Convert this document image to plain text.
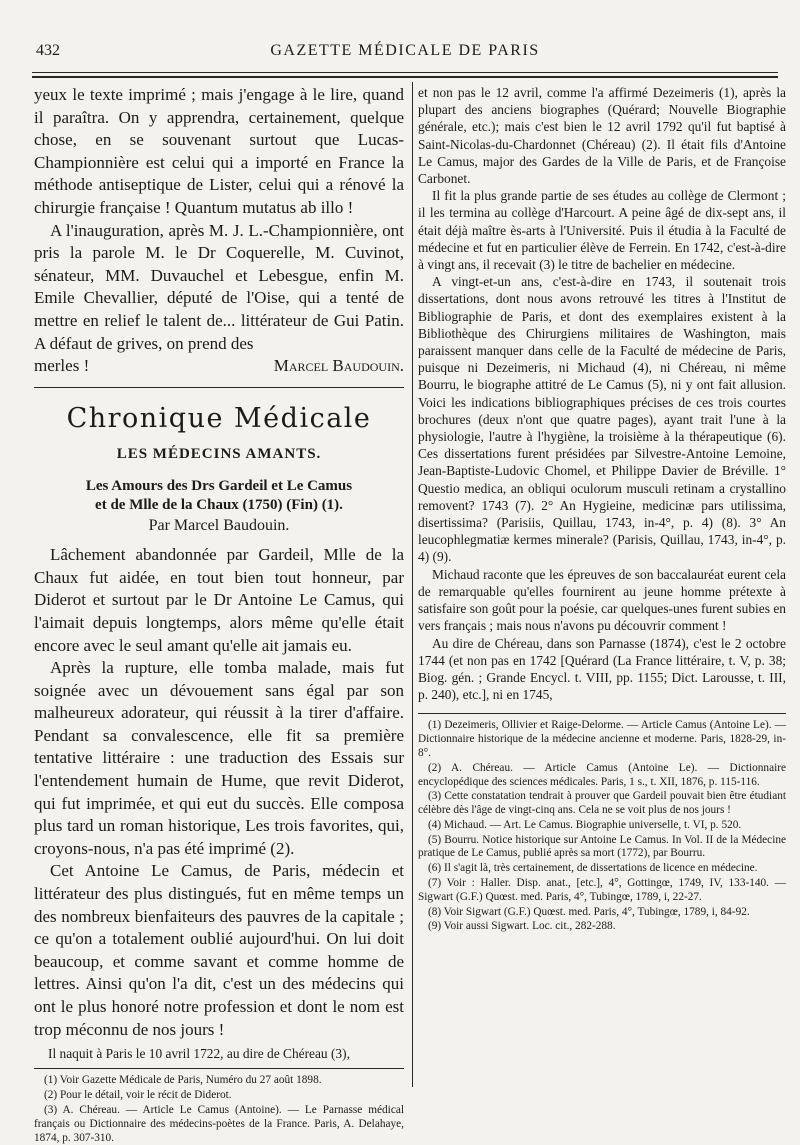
432	GAZETTE MÉDICALE DE PARIS

yeux le texte imprimé ; mais j'engage à le lire, quand il paraîtra. On y apprendra, certainement, quelque chose, en se souvenant surtout que Lucas-Championnière est celui qui a importé en France la méthode antiseptique de Lister, celui qui a rénové la chirurgie française ! Quantum mutatus ab illo !

A l'inauguration, après M. J. L.-Championnière, ont pris la parole M. le Dr Coquerelle, M. Cuvinot, sénateur, MM. Duvauchel et Lebesgue, enfin M. Emile Chevallier, député de l'Oise, qui a tenté de mettre en relief le talent de... littérateur de Gui Patin. A défaut de grives, on prend des

merles !	Marcel Baudouin.
Chronique Médicale
LES MÉDECINS AMANTS.

Les Amours des Drs Gardeil et Le Camus

et de Mlle de la Chaux (1750) (Fin) (1).

Par Marcel Baudouin.

Lâchement abandonnée par Gardeil, Mlle de la Chaux fut aidée, en tout bien tout honneur, par Diderot et surtout par le Dr Antoine Le Camus, qui l'aimait depuis longtemps, alors même qu'elle était encore avec le seul amant qu'elle ait jamais eu.

Après la rupture, elle tomba malade, mais fut soignée avec un dévouement sans égal par son malheureux adorateur, qui réussit à la tirer d'affaire. Pendant sa convalescence, elle fit sa première tentative littéraire : une traduction des Essais sur l'entendement humain de Hume, que revit Diderot, qui fut imprimée, et qui eut du succès. Elle composa plus tard un roman historique, Les trois favorites, qui, croyons-nous, n'a pas été imprimé (2).

Cet Antoine Le Camus, de Paris, médecin et littérateur des plus distingués, fut en même temps un des nombreux bienfaiteurs des pauvres de la capitale ; ce qu'on a totalement oublié aujourd'hui. On lui doit beaucoup, et comme savant et comme homme de lettres. Ainsi qu'on l'a dit, c'est un des médecins qui ont le plus honoré notre profession et dont le nom est trop méconnu de nos jours !

Il naquit à Paris le 10 avril 1722, au dire de Chéreau (3),

(1) Voir Gazette Médicale de Paris, Numéro du 27 août 1898.

(2) Pour le détail, voir le récit de Diderot.

(3) A. Chéreau. — Article Le Camus (Antoine). — Le Parnasse médical français ou Dictionnaire des médecins-poètes de la France. Paris, A. Delahaye, 1874, p. 307-310.

et non pas le 12 avril, comme l'a affirmé Dezeimeris (1), après la plupart des anciens biographes (Quérard; Nouvelle Biographie générale, etc.); mais c'est bien le 12 avril 1792 qu'il fut baptisé à Saint-Nicolas-du-Chardonnet (Chéreau) (2). Il était fils d'Antoine Le Camus, major des Gardes de la Ville de Paris, et de Françoise Carbonet.

Il fit la plus grande partie de ses études au collège de Clermont ; il les termina au collège d'Harcourt. A peine âgé de dix-sept ans, il était déjà maître ès-arts à l'Université. Puis il étudia à la Faculté de médecine et fut en particulier élève de Ferrein. En 1742, c'est-à-dire à vingt ans, il recevait (3) le titre de bachelier en médecine.

A vingt-et-un ans, c'est-à-dire en 1743, il soutenait trois dissertations, dont nous avons retrouvé les titres à l'Institut de Bibliographie de Paris, et dont des exemplaires existent à la Bibliothèque des Chirurgiens militaires de Washington, mais paraissent manquer dans celle de la Faculté de médecine de Paris, puisque ni Dezeimeris, ni Michaud (4), ni Chéreau, ni même Bourru, le biographe attitré de Le Camus (5), ni y ont fait allusion. Voici les indications bibliographiques précises de ces trois courtes brochures (deux n'ont que quatre pages), ayant trait l'une à la physiologie, l'autre à l'hygiène, la troisième à la thérapeutique (6). Ces dissertations furent présidées par Silvestre-Antoine Lemoine, Jean-Baptiste-Ludovic Chomel, et Philippe Davier de Bréville. 1° Questio medica, an obliqui oculorum musculi retinam a crystallino removent? 1743 (7). 2° An Hygieine, medicinæ pars utilissima, disertissima? (Parisiis, Quillau, 1743, in-4°, p. 4) (8). 3° An leucophlegmatiæ kermes minerale? (Parisis, Quillau, 1743, in-4°, p. 4) (9).

Michaud raconte que les épreuves de son baccalauréat eurent cela de remarquable qu'elles fournirent au jeune homme prétexte à satisfaire son goût pour la poésie, car quelques-unes furent subies en vers français ; mais nous n'avons pu découvrir comment !

Au dire de Chéreau, dans son Parnasse (1874), c'est le 2 octobre 1744 (et non pas en 1742 [Quérard (La France littéraire, t. V, p. 38; Biog. gén. ; Grande Encycl. t. VIII, pp. 1155; Dict. Larousse, t. III, p. 240), etc.], ni en 1745,

(1) Dezeimeris, Ollivier et Raige-Delorme. — Article Camus (Antoine Le). — Dictionnaire historique de la médecine ancienne et moderne. Paris, 1828-29, in-8°.

(2) A. Chéreau. — Article Camus (Antoine Le). — Dictionnaire encyclopédique des sciences médicales. Paris, 1 s., t. XII, 1876, p. 115-116.

(3) Cette constatation tendrait à prouver que Gardeil pouvait bien être étudiant célèbre dès l'âge de vingt-cinq ans. Cela ne se voit plus de nos jours !

(4) Michaud. — Art. Le Camus. Biographie universelle, t. VI, p. 520.

(5) Bourru. Notice historique sur Antoine Le Camus. In Vol. II de la Médecine pratique de Le Camus, publié après sa mort (1772), par Bourru.

(6) Il s'agit là, très certainement, de dissertations de licence en médecine.

(7) Voir : Haller. Disp. anat., [etc.], 4°, Gottingœ, 1749, IV, 133-140. — Sigwart (G.F.) Quœst. med. Paris, 4°, Tubingœ, 1789, i, 22-27.

(8) Voir Sigwart (G.F.) Quœst. med. Paris, 4°, Tubingœ, 1789, i, 84-92.

(9) Voir aussi Sigwart. Loc. cit., 282-288.
